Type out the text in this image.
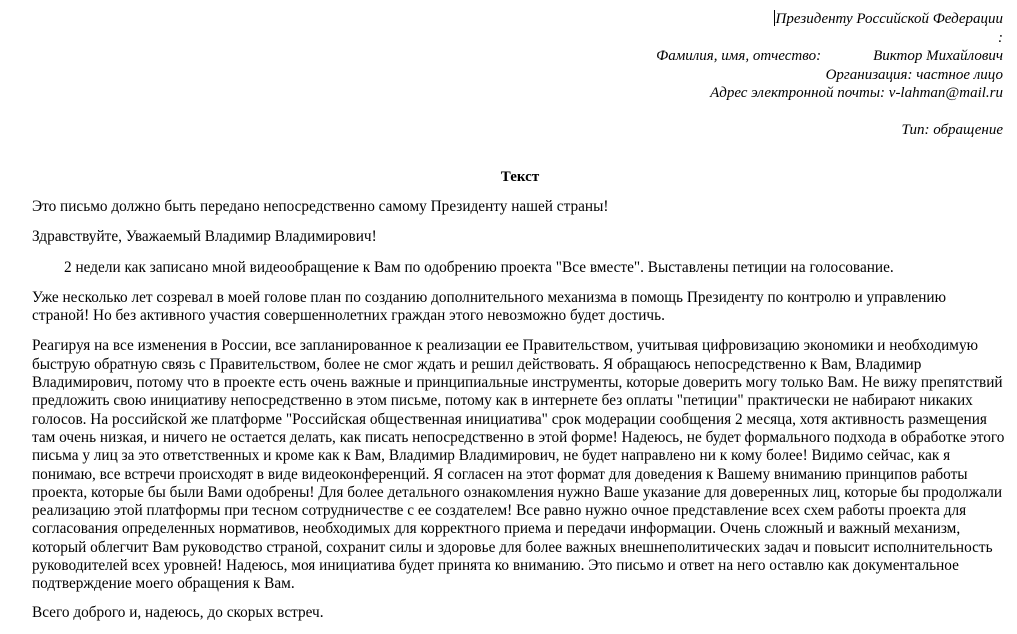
Президенту Российской Федерации
:
Фамилия, имя, отчество:	Виктор Михайлович
Организация: частное лицо
Адрес электронной почты: v-lahman@mail.ru
Тип: обращение
Текст

Это письмо должно быть передано непосредственно самому Президенту нашей страны!

Здравствуйте, Уважаемый Владимир Владимирович!

2 недели как записано мной видеообращение к Вам по одобрению проекта "Все вместе". Выставлены петиции на голосование.

Уже несколько лет созревал в моей голове план по созданию дополнительного механизма в помощь Президенту по контролю и управлению страной! Но без активного участия совершеннолетних граждан этого невозможно будет достичь.

Реагируя на все изменения в России, все запланированное к реализации ее Правительством, учитывая цифровизацию экономики и необходимую быструю обратную связь с Правительством, более не смог ждать и решил действовать. Я обращаюсь непосредственно к Вам, Владимир Владимирович, потому что в проекте есть очень важные и принципиальные инструменты, которые доверить могу только Вам. Не вижу препятствий предложить свою инициативу непосредственно в этом письме, потому как в интернете без оплаты "петиции" практически не набирают никаких голосов. На российской же платформе "Российская общественная инициатива" срок модерации сообщения 2 месяца, хотя активность размещения там очень низкая, и ничего не остается делать, как писать непосредственно в этой форме! Надеюсь, не будет формального подхода в обработке этого письма у лиц за это ответственных и кроме как к Вам, Владимир Владимирович, не будет направлено ни к кому более! Видимо сейчас, как я понимаю, все встречи происходят в виде видеоконференций. Я согласен на этот формат для доведения к Вашему вниманию принципов работы проекта, которые бы были Вами одобрены! Для более детального ознакомления нужно Ваше указание для доверенных лиц, которые бы продолжали реализацию этой платформы при тесном сотрудничестве с ее создателем! Все равно нужно очное представление всех схем работы проекта для согласования определенных нормативов, необходимых для корректного приема и передачи информации. Очень сложный и важный механизм, который облегчит Вам руководство страной, сохранит силы и здоровье для более важных внешнеполитических задач и повысит исполнительность руководителей всех уровней! Надеюсь, моя инициатива будет принята ко вниманию. Это письмо и ответ на него оставлю как документальное подтверждение моего обращения к Вам.

Всего доброго и, надеюсь, до скорых встреч.
